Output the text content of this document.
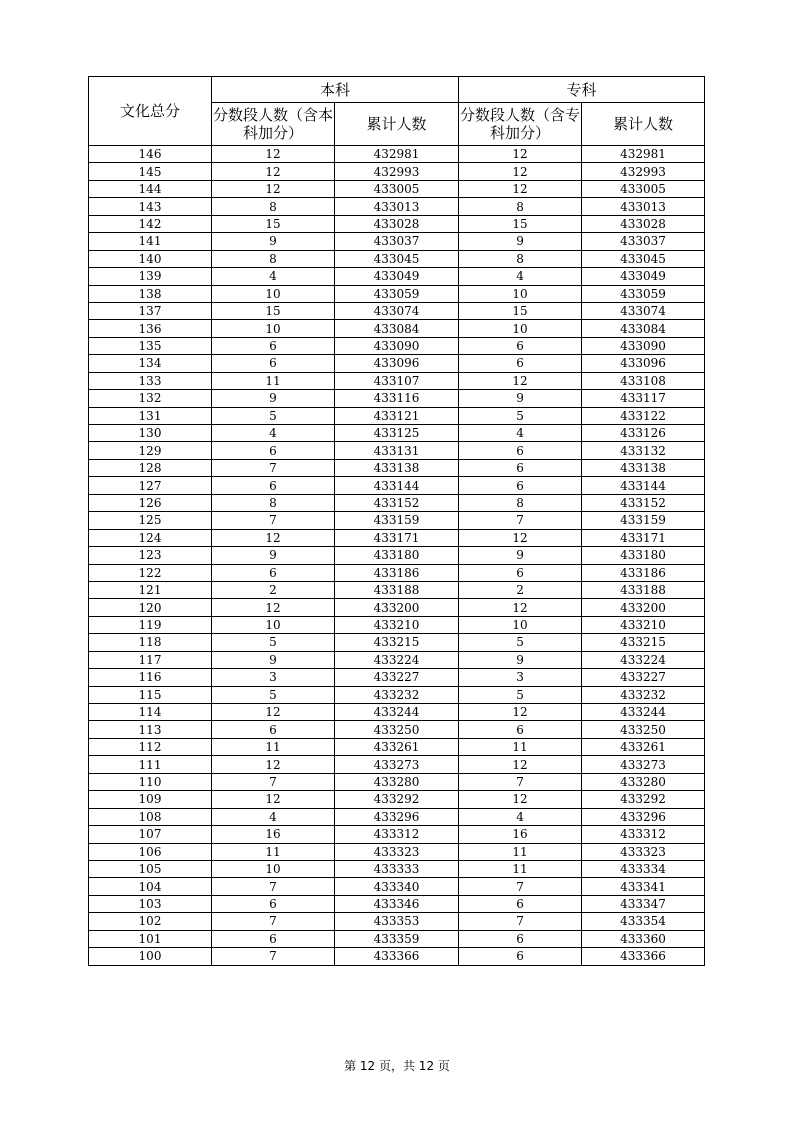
文化总分	本科		专科	
	分数段人数（含本科加分）	累计人数	分数段人数（含专科加分）	累计人数
146	12	432981	12	432981
145	12	432993	12	432993
144	12	433005	12	433005
143	8	433013	8	433013
142	15	433028	15	433028
141	9	433037	9	433037
140	8	433045	8	433045
139	4	433049	4	433049
138	10	433059	10	433059
137	15	433074	15	433074
136	10	433084	10	433084
135	6	433090	6	433090
134	6	433096	6	433096
133	11	433107	12	433108
132	9	433116	9	433117
131	5	433121	5	433122
130	4	433125	4	433126
129	6	433131	6	433132
128	7	433138	6	433138
127	6	433144	6	433144
126	8	433152	8	433152
125	7	433159	7	433159
124	12	433171	12	433171
123	9	433180	9	433180
122	6	433186	6	433186
121	2	433188	2	433188
120	12	433200	12	433200
119	10	433210	10	433210
118	5	433215	5	433215
117	9	433224	9	433224
116	3	433227	3	433227
115	5	433232	5	433232
114	12	433244	12	433244
113	6	433250	6	433250
112	11	433261	11	433261
111	12	433273	12	433273
110	7	433280	7	433280
109	12	433292	12	433292
108	4	433296	4	433296
107	16	433312	16	433312
106	11	433323	11	433323
105	10	433333	11	433334
104	7	433340	7	433341
103	6	433346	6	433347
102	7	433353	7	433354
101	6	433359	6	433360
100	7	433366	6	433366
第 12 页，共 12 页
